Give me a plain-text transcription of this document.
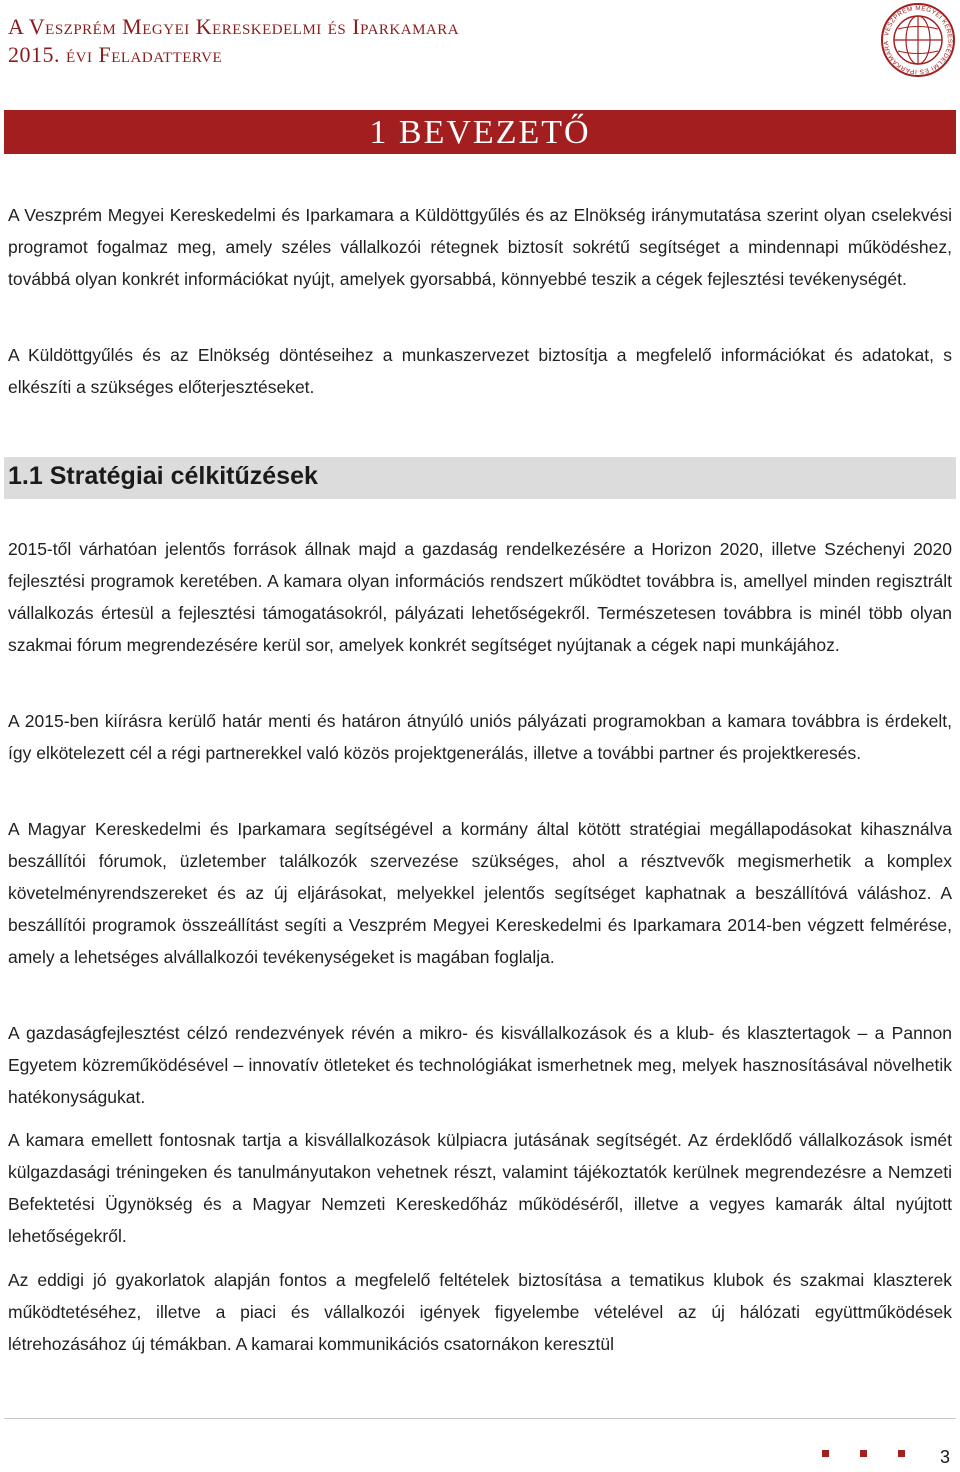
A Veszprém Megyei Kereskedelmi és Iparkamara
2015. évi Feladatterve
VESZPRÉM MEGYEI KERESKEDELMI ÉS IPARKAMARA
1 BEVEZETŐ

A Veszprém Megyei Kereskedelmi és Iparkamara a Küldöttgyűlés és az Elnökség iránymutatása szerint olyan cselekvési programot fogalmaz meg, amely széles vállalkozói rétegnek biztosít sokrétű segítséget a mindennapi működéshez, továbbá olyan konkrét információkat nyújt, amelyek gyorsabbá, könnyebbé teszik a cégek fejlesztési tevékenységét.

A Küldöttgyűlés és az Elnökség döntéseihez a munkaszervezet biztosítja a megfelelő információkat és adatokat, s elkészíti a szükséges előterjesztéseket.

1.1 Stratégiai célkitűzések

2015-től várhatóan jelentős források állnak majd a gazdaság rendelkezésére a Horizon 2020, illetve Széchenyi 2020 fejlesztési programok keretében. A kamara olyan információs rendszert működtet továbbra is, amellyel minden regisztrált vállalkozás értesül a fejlesztési támogatásokról, pályázati lehetőségekről. Természetesen továbbra is minél több olyan szakmai fórum megrendezésére kerül sor, amelyek konkrét segítséget nyújtanak a cégek napi munkájához.

A 2015-ben kiírásra kerülő határ menti és határon átnyúló uniós pályázati programokban a kamara továbbra is érdekelt, így elkötelezett cél a régi partnerekkel való közös projektgenerálás, illetve a további partner és projektkeresés.

A Magyar Kereskedelmi és Iparkamara segítségével a kormány által kötött stratégiai megállapodásokat kihasználva beszállítói fórumok, üzletember találkozók szervezése szükséges, ahol a résztvevők megismerhetik a komplex követelményrendszereket és az új eljárásokat, melyekkel jelentős segítséget kaphatnak a beszállítóvá váláshoz. A beszállítói programok összeállítást segíti a Veszprém Megyei Kereskedelmi és Iparkamara 2014-ben végzett felmérése, amely a lehetséges alvállalkozói tevékenységeket is magában foglalja.

A gazdaságfejlesztést célzó rendezvények révén a mikro- és kisvállalkozások és a klub- és klasztertagok – a Pannon Egyetem közreműködésével – innovatív ötleteket és technológiákat ismerhetnek meg, melyek hasznosításával növelhetik hatékonyságukat.

A kamara emellett fontosnak tartja a kisvállalkozások külpiacra jutásának segítségét. Az érdeklődő vállalkozások ismét külgazdasági tréningeken és tanulmányutakon vehetnek részt, valamint tájékoztatók kerülnek megrendezésre a Nemzeti Befektetési Ügynökség és a Magyar Nemzeti Kereskedőház működéséről, illetve a vegyes kamarák által nyújtott lehetőségekről.

Az eddigi jó gyakorlatok alapján fontos a megfelelő feltételek biztosítása a tematikus klubok és szakmai klaszterek működtetéséhez, illetve a piaci és vállalkozói igények figyelembe vételével az új hálózati együttműködések létrehozásához új témákban. A kamarai kommunikációs csatornákon keresztül

3
